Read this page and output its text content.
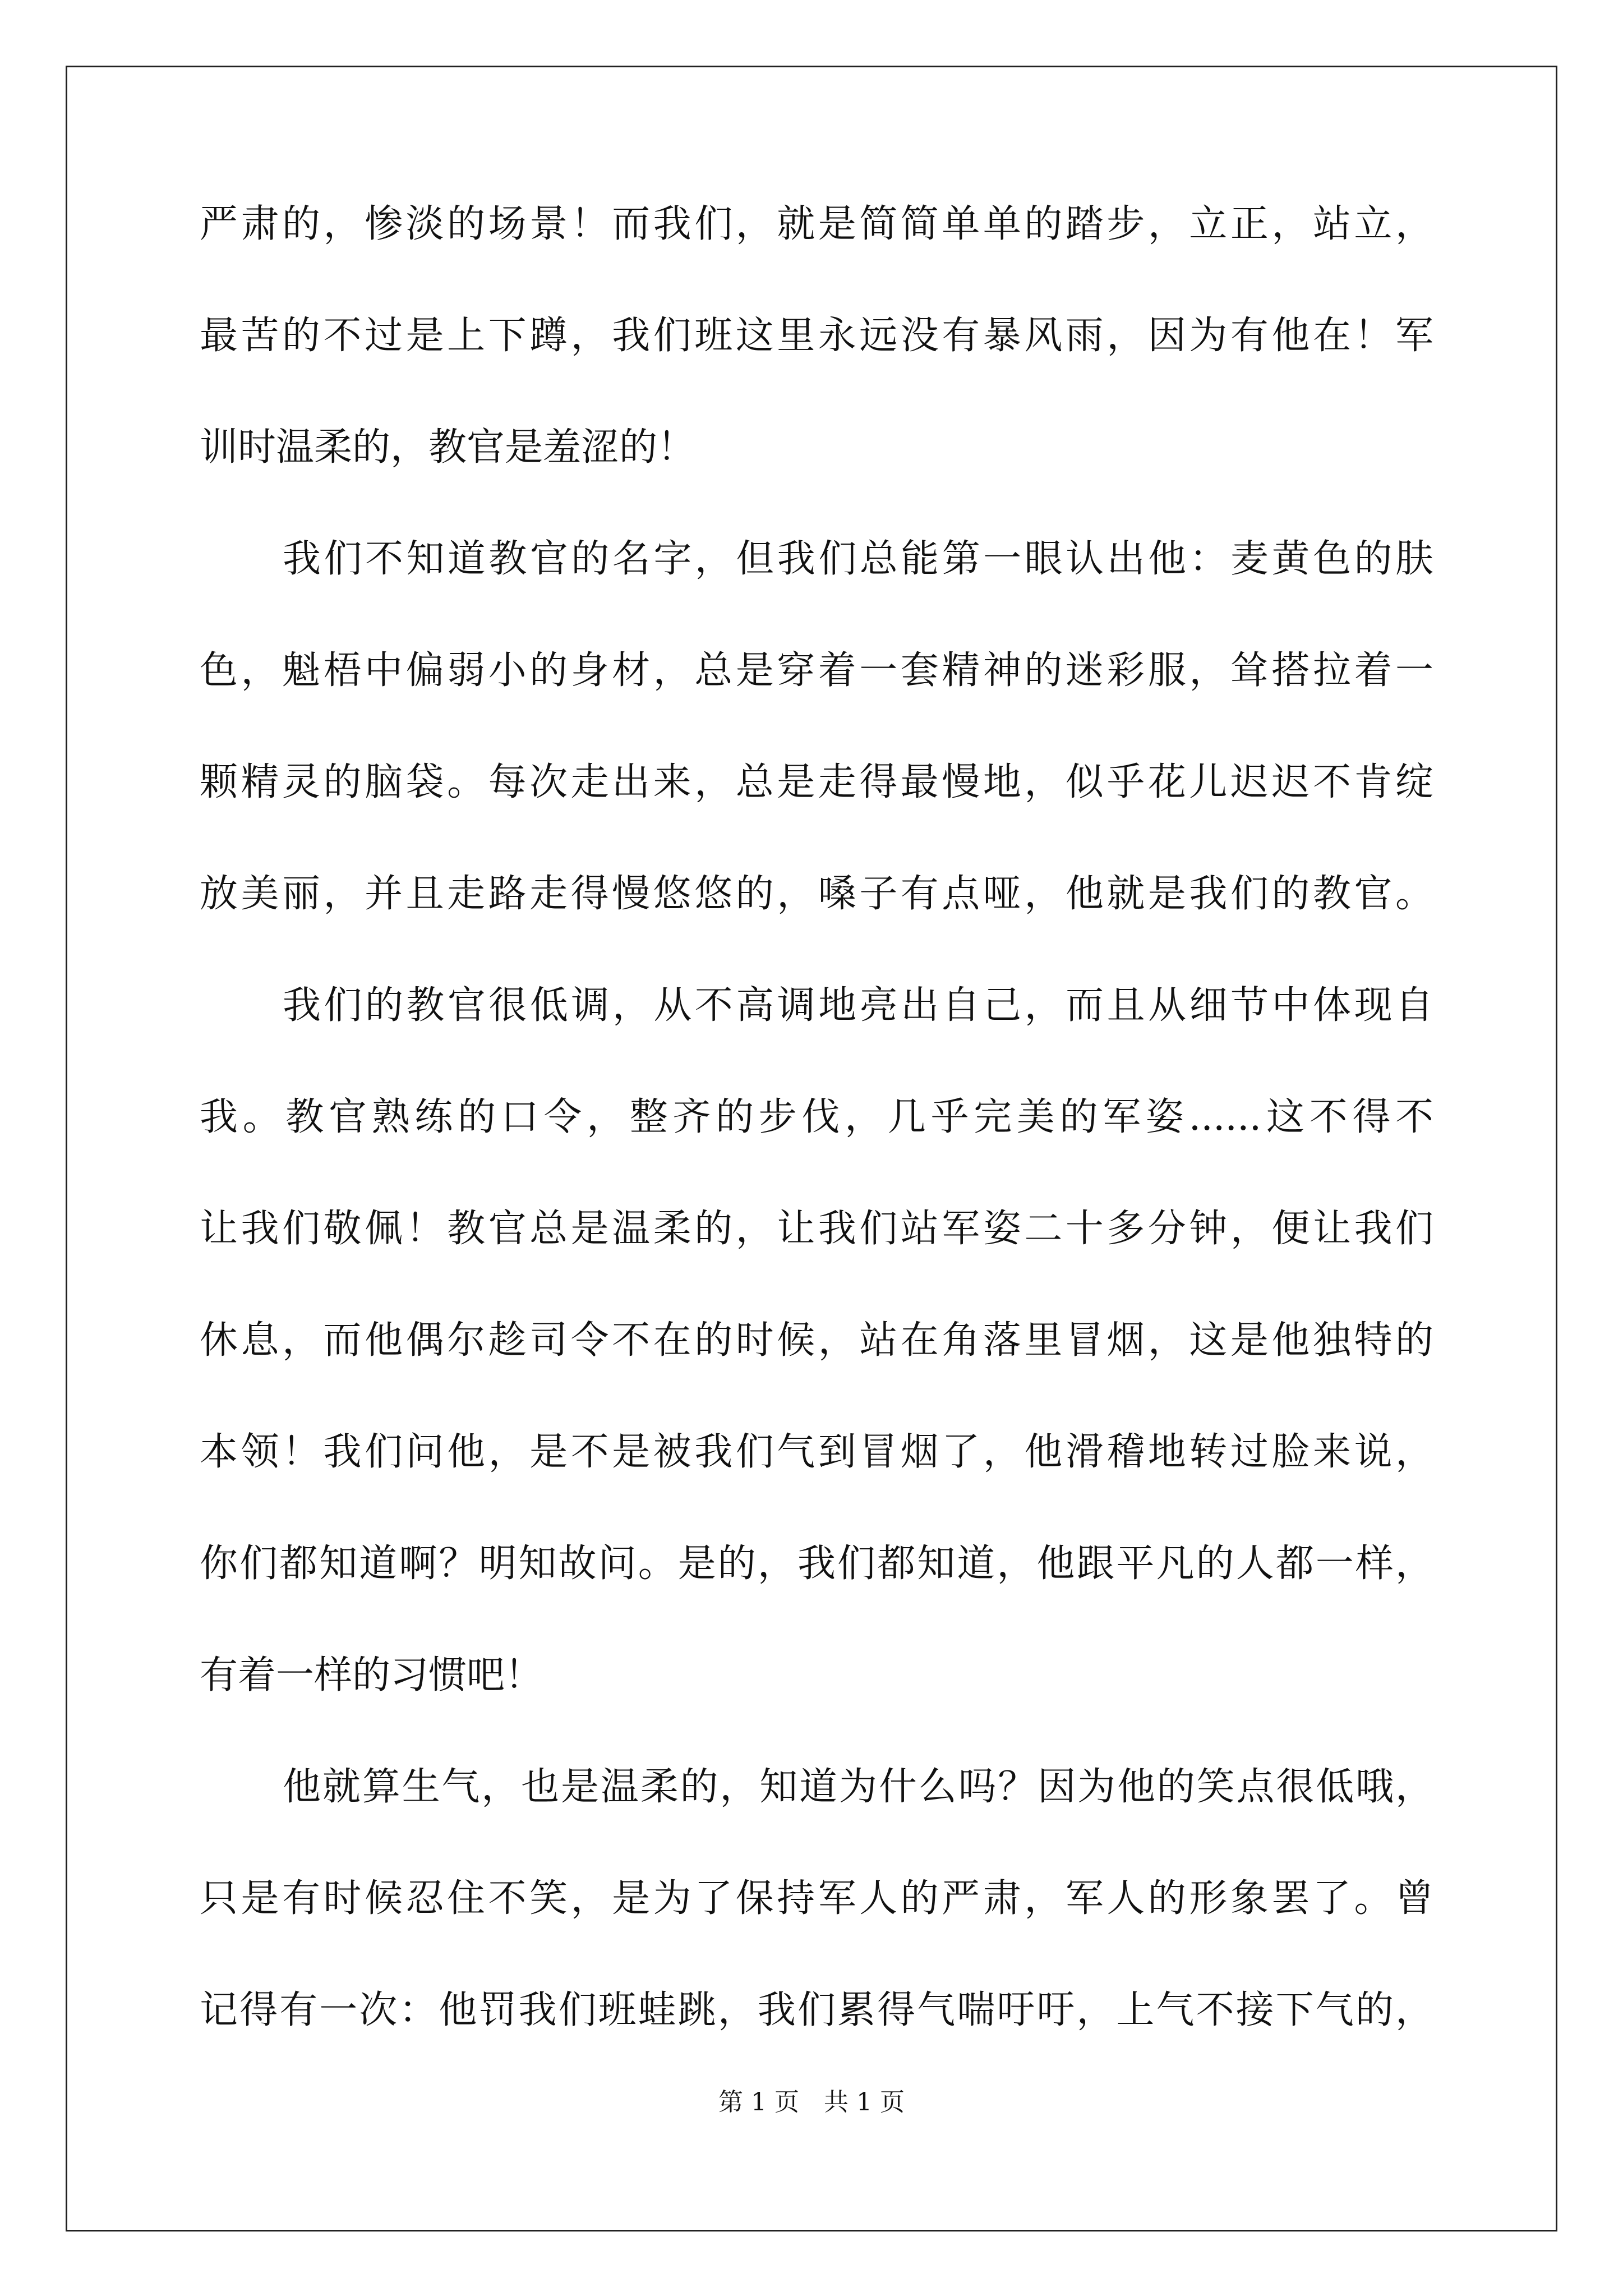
严肃的，惨淡的场景！而我们，就是简简单单的踏步，立正，站立，
最苦的不过是上下蹲，我们班这里永远没有暴风雨，因为有他在！军
训时温柔的，教官是羞涩的！
我们不知道教官的名字，但我们总能第一眼认出他：麦黄色的肤
色，魁梧中偏弱小的身材，总是穿着一套精神的迷彩服，耸搭拉着一
颗精灵的脑袋。每次走出来，总是走得最慢地，似乎花儿迟迟不肯绽
放美丽，并且走路走得慢悠悠的，嗓子有点哑，他就是我们的教官。
我们的教官很低调，从不高调地亮出自己，而且从细节中体现自
我。教官熟练的口令，整齐的步伐，几乎完美的军姿......这不得不
让我们敬佩！教官总是温柔的，让我们站军姿二十多分钟，便让我们
休息，而他偶尔趁司令不在的时候，站在角落里冒烟，这是他独特的
本领！我们问他，是不是被我们气到冒烟了，他滑稽地转过脸来说，
你们都知道啊？明知故问。是的，我们都知道，他跟平凡的人都一样，
有着一样的习惯吧！
他就算生气，也是温柔的，知道为什么吗？因为他的笑点很低哦，
只是有时候忍住不笑，是为了保持军人的严肃，军人的形象罢了。曾
记得有一次：他罚我们班蛙跳，我们累得气喘吁吁，上气不接下气的，
第 1 页 共 1 页
